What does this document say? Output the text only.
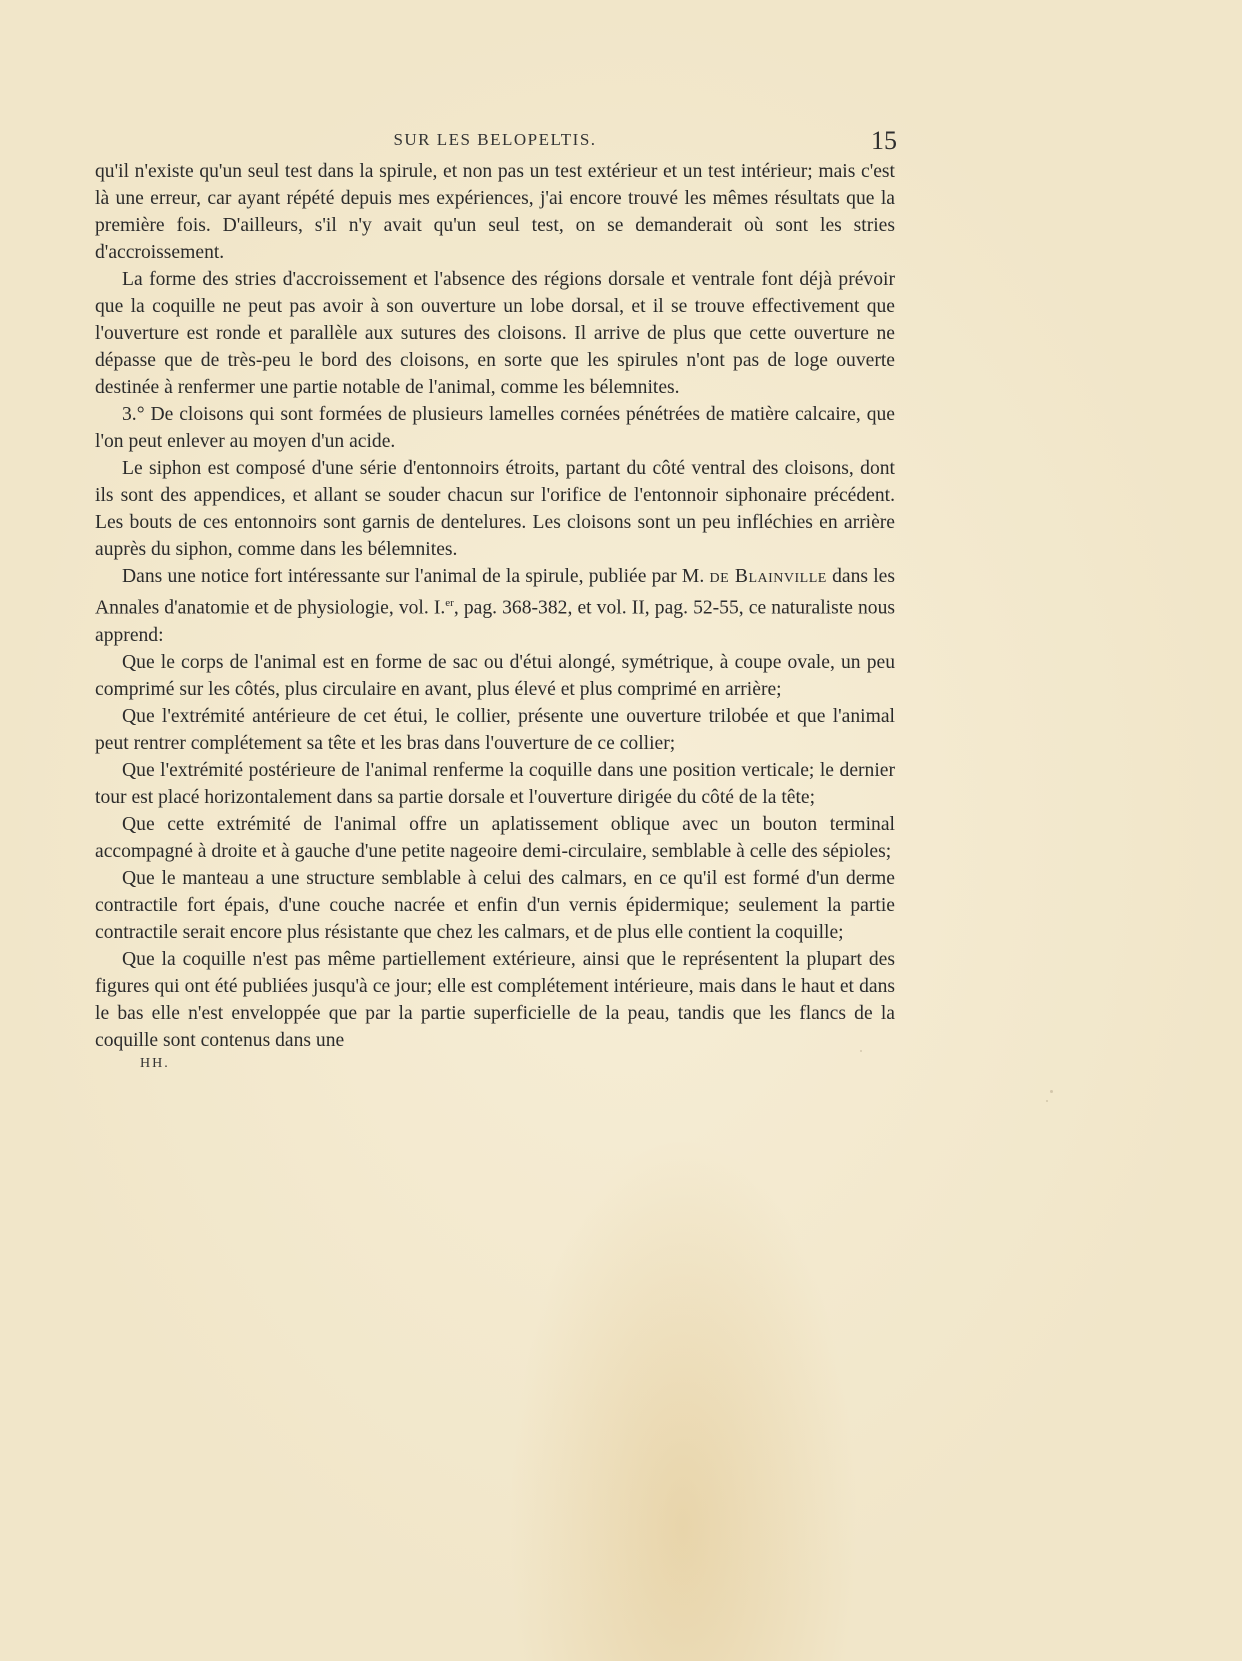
SUR LES BELOPELTIS.	15

qu'il n'existe qu'un seul test dans la spirule, et non pas un test extérieur et un test intérieur; mais c'est là une erreur, car ayant répété depuis mes expériences, j'ai encore trouvé les mêmes résultats que la première fois. D'ailleurs, s'il n'y avait qu'un seul test, on se demanderait où sont les stries d'accroissement.

La forme des stries d'accroissement et l'absence des régions dorsale et ventrale font déjà prévoir que la coquille ne peut pas avoir à son ouverture un lobe dorsal, et il se trouve effectivement que l'ouverture est ronde et parallèle aux sutures des cloisons. Il arrive de plus que cette ouverture ne dépasse que de très-peu le bord des cloisons, en sorte que les spirules n'ont pas de loge ouverte destinée à renfermer une partie notable de l'animal, comme les bélemnites.

3.° De cloisons qui sont formées de plusieurs lamelles cornées pénétrées de matière calcaire, que l'on peut enlever au moyen d'un acide.

Le siphon est composé d'une série d'entonnoirs étroits, partant du côté ventral des cloisons, dont ils sont des appendices, et allant se souder chacun sur l'orifice de l'entonnoir siphonaire précédent. Les bouts de ces entonnoirs sont garnis de dentelures. Les cloisons sont un peu infléchies en arrière auprès du siphon, comme dans les bélemnites.

Dans une notice fort intéressante sur l'animal de la spirule, publiée par M. de Blainville dans les Annales d'anatomie et de physiologie, vol. I.$^{er}$, pag. 368-382, et vol. II, pag. 52-55, ce naturaliste nous apprend:

Que le corps de l'animal est en forme de sac ou d'étui alongé, symétrique, à coupe ovale, un peu comprimé sur les côtés, plus circulaire en avant, plus élevé et plus comprimé en arrière;

Que l'extrémité antérieure de cet étui, le collier, présente une ouverture trilobée et que l'animal peut rentrer complétement sa tête et les bras dans l'ouverture de ce collier;

Que l'extrémité postérieure de l'animal renferme la coquille dans une position verticale; le dernier tour est placé horizontalement dans sa partie dorsale et l'ouverture dirigée du côté de la tête;

Que cette extrémité de l'animal offre un aplatissement oblique avec un bouton terminal accompagné à droite et à gauche d'une petite nageoire demi-circulaire, semblable à celle des sépioles;

Que le manteau a une structure semblable à celui des calmars, en ce qu'il est formé d'un derme contractile fort épais, d'une couche nacrée et enfin d'un vernis épidermique; seulement la partie contractile serait encore plus résistante que chez les calmars, et de plus elle contient la coquille;

Que la coquille n'est pas même partiellement extérieure, ainsi que le représentent la plupart des figures qui ont été publiées jusqu'à ce jour; elle est complétement intérieure, mais dans le haut et dans le bas elle n'est enveloppée que par la partie superficielle de la peau, tandis que les flancs de la coquille sont contenus dans une

HH.
